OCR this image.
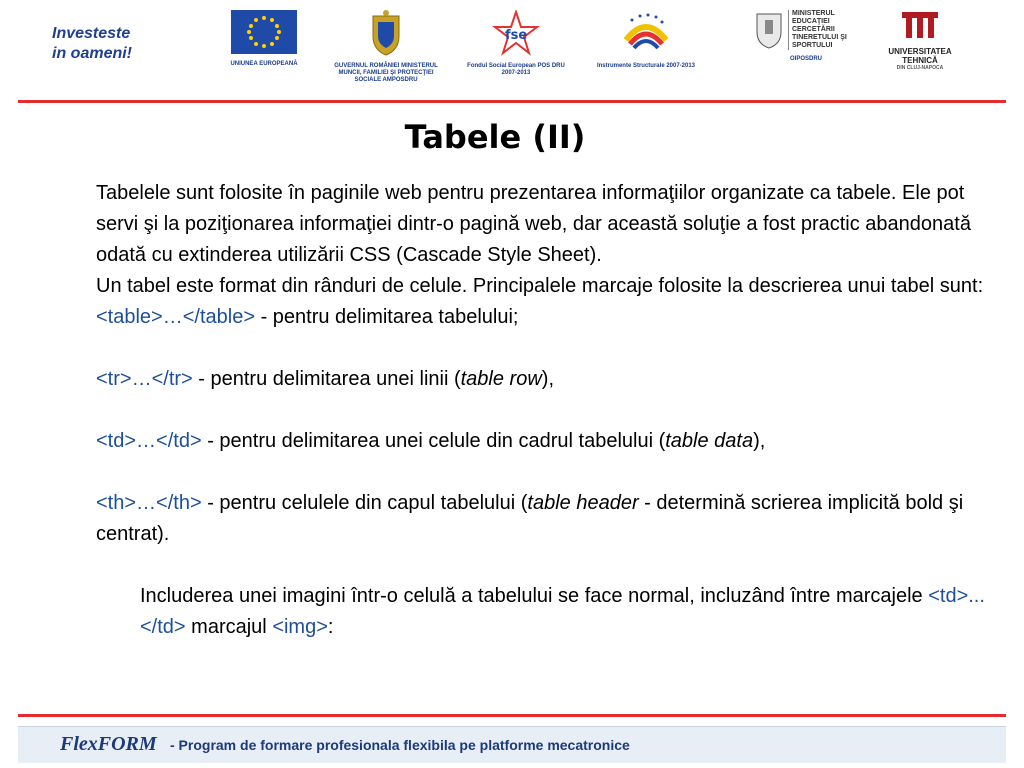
Investeste
in oameni!
UNIUNEA EUROPEANĂ	GUVERNUL ROMÂNIEI MINISTERUL MUNCII, FAMILIEI ŞI PROTECŢIEI SOCIALE AMPOSDRU
fse
Fondul Social European POS DRU 2007-2013
Instrumente Structurale 2007-2013
MINISTERUL EDUCAŢIEI CERCETĂRII TINERETULUI ŞI SPORTULUI
OIPOSDRU
UNIVERSITATEA TEHNICĂ
DIN CLUJ-NAPOCA
Tabele (II)

Tabelele sunt folosite în paginile web pentru prezentarea informaţiilor organizate ca tabele. Ele pot servi şi la poziţionarea informaţiei dintr-o pagină web, dar această soluţie a fost practic abandonată odată cu extinderea utilizării CSS (Cascade Style Sheet).

Un tabel este format din rânduri de celule. Principalele marcaje folosite la descrierea unui tabel sunt:

<table>…</table> - pentru delimitarea tabelului;

<tr>…</tr> - pentru delimitarea unei linii (table row),

<td>…</td> - pentru delimitarea unei celule din cadrul tabelului (table data),

<th>…</th> - pentru celulele din capul tabelului (table header - determină scrierea implicită bold şi centrat).

Includerea unei imagini într-o celulă a tabelului se face normal, incluzând între marcajele <td>...</td> marcajul <img>:

FlexFORM - Program de formare profesionala flexibila pe platforme mecatronice
